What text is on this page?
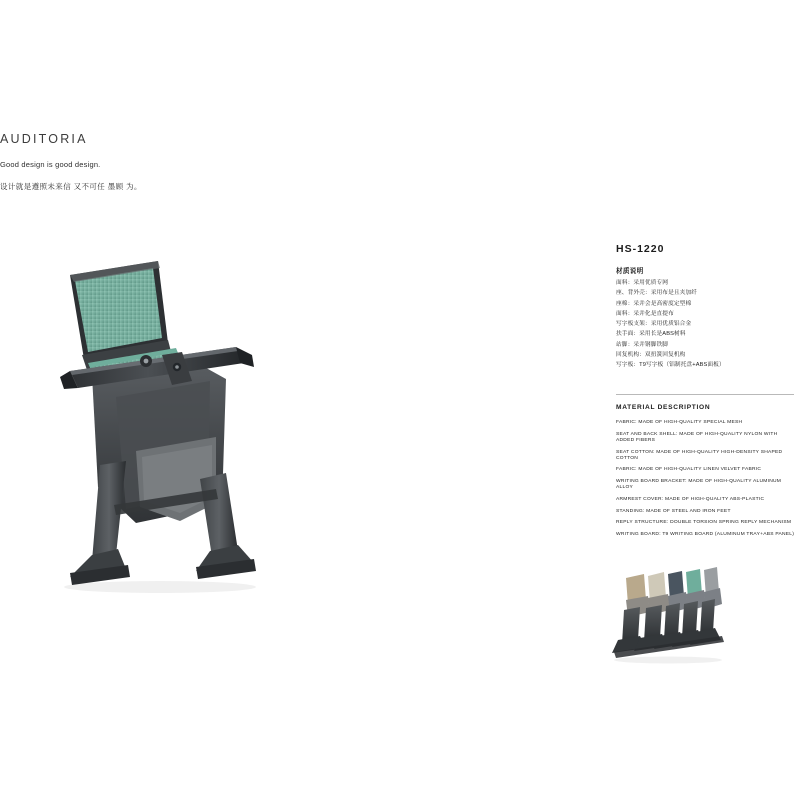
AUDITORIA
Good design is good design.
设计就是遵照未来信 又不可任 墨顾 为。
HS-1220
材质说明

面料：采用优质专网

座、背外壳：采用布是且夹加纤

座棉：采并会是高密度定型棉

面料：采并化是直提布

写字板支架：采用优质铝合金

扶手面：采用长是ABS树料

站脚：采并钢脚铁脚

回复机构：双扭簧回复机构

写字板：T9写字板（铝制托盘+ABS面板）

MATERIAL DESCRIPTION

FABRIC: MADE OF HIGH-QUALITY SPECIAL MESH

SEAT AND BACK SHELL: MADE OF HIGH-QUALITY NYLON WITH ADDED FIBERS

SEAT COTTON: MADE OF HIGH-QUALITY HIGH-DENSITY SHAPED COTTON

FABRIC: MADE OF HIGH-QUALITY LINEN VELVET FABRIC

WRITING BOARD BRACKET: MADE OF HIGH-QUALITY ALUMINUM ALLOY

ARMREST COVER: MADE OF HIGH-QUALITY ABS-PLASTIC

STANDING: MADE OF STEEL AND IRON FEET

REPLY STRUCTURE: DOUBLE TORSION SPRING REPLY MECHANISM

WRITING BOARD: T9 WRITING BOARD (ALUMINUM TRAY+ABS PANEL)
